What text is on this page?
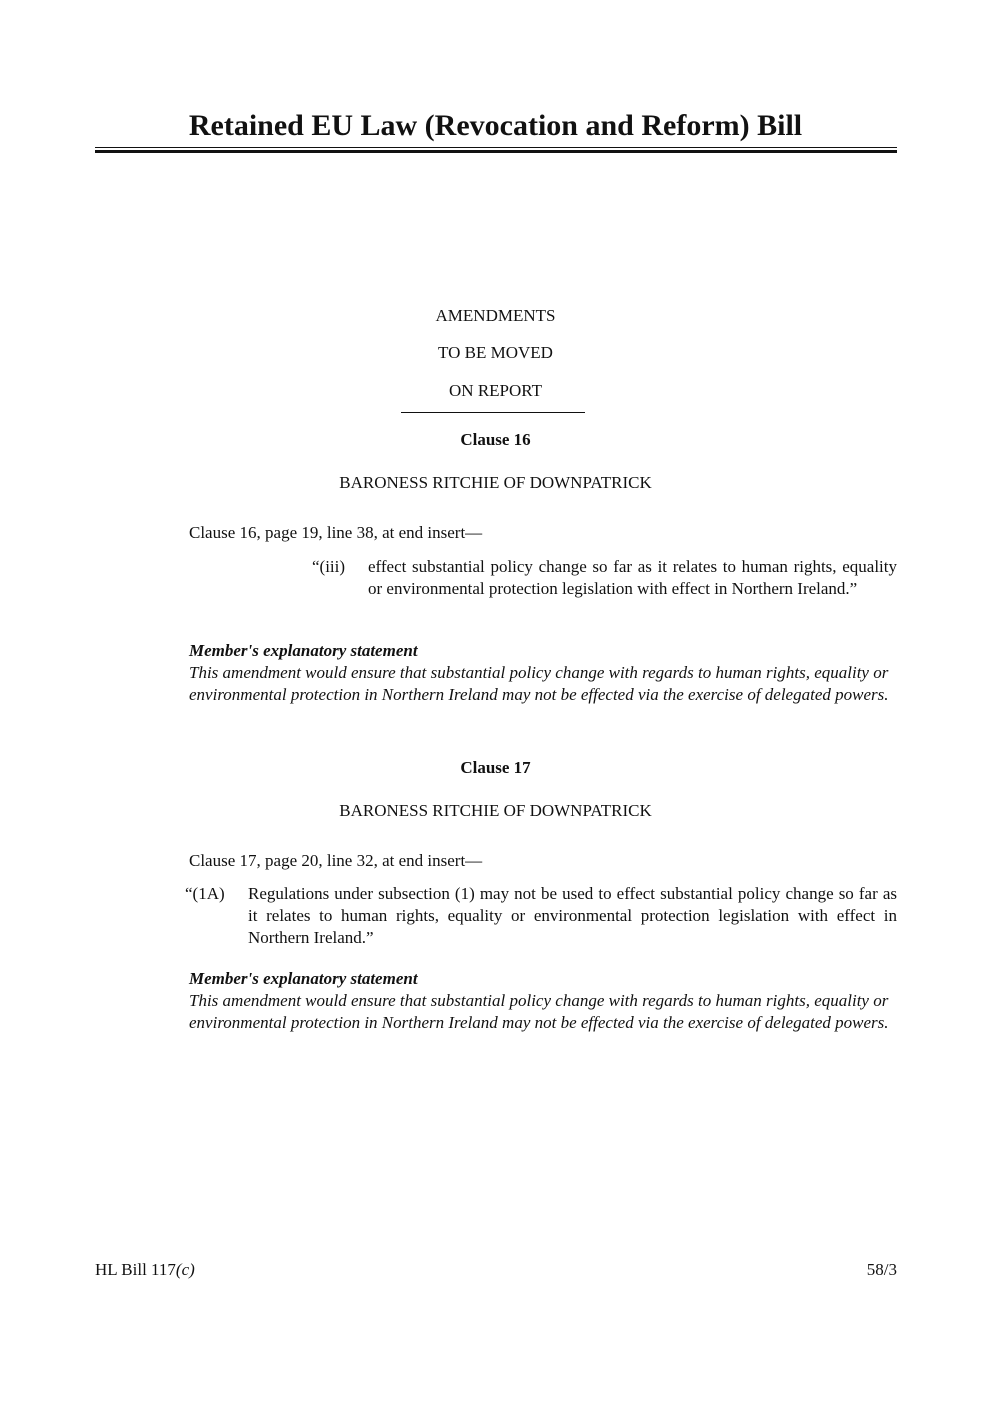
Retained EU Law (Revocation and Reform) Bill
AMENDMENTS
TO BE MOVED
ON REPORT
Clause 16
BARONESS RITCHIE OF DOWNPATRICK
Clause 16, page 19, line 38, at end insert—
“(iii)	effect substantial policy change so far as it relates to human rights, equality or environmental protection legislation with effect in Northern Ireland.”
Member's explanatory statement
This amendment would ensure that substantial policy change with regards to human rights, equality or environmental protection in Northern Ireland may not be effected via the exercise of delegated powers.
Clause 17
BARONESS RITCHIE OF DOWNPATRICK
Clause 17, page 20, line 32, at end insert—
“(1A)	Regulations under subsection (1) may not be used to effect substantial policy change so far as it relates to human rights, equality or environmental protection legislation with effect in Northern Ireland.”
Member's explanatory statement
This amendment would ensure that substantial policy change with regards to human rights, equality or environmental protection in Northern Ireland may not be effected via the exercise of delegated powers.
HL Bill 117(c)	58/3
